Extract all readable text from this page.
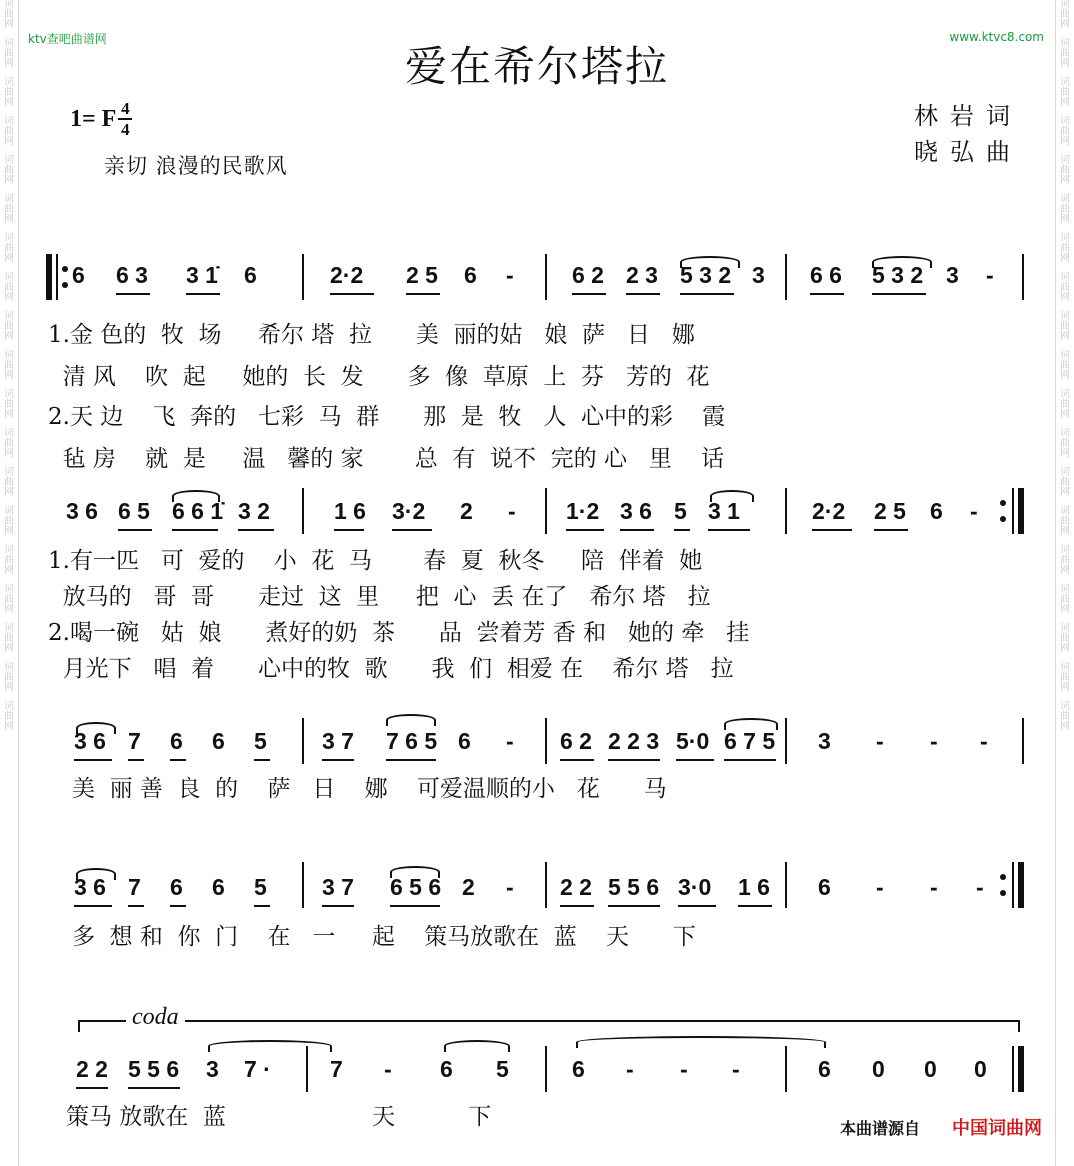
词
曲
网
词
曲
网
词
曲
网
词
曲
网
词
曲
网
词
曲
网
词
曲
网
词
曲
网
词
曲
网
词
曲
网
词
曲
网
词
曲
网
词
曲
网
词
曲
网
词
曲
网
词
曲
网
词
曲
网
词
曲
网
词
曲
网
词
曲
网
词
曲
网
词
曲
网
词
曲
网
词
曲
网
词
曲
网
词
曲
网
词
曲
网
词
曲
网
词
曲
网
词
曲
网
词
曲
网
词
曲
网
词
曲
网
词
曲
网
词
曲
网
词
曲
网
词
曲
网
词
曲
网
ktv查吧曲谱网	www.ktvc8.com
爱在希尔塔拉
1= F $\frac{4}{4}$	林岩词
晓弘曲
亲切 浪漫的民歌风
6 6 3 3 1̇ 6	2·2 2 5 6 -	6 2 2 3 5 3 2 3 6 6 5 3 2 3 -
1.金 色的  牧  场     希尔 塔  拉      美  丽的姑   娘  萨   日   娜
清 风    吹  起     她的  长  发      多  像  草原  上  芬   芳的  花
2.天 边    飞  奔的   七彩  马  群      那  是  牧   人  心中的彩    霞
毡 房    就  是     温   馨的 家       总  有  说不  完的 心   里    话
3 6 6 5 6 6 1̇ 3 2	1 6 3·2 2 - 1·2 3 6 5 3 1	2·2 2 5 6 -
1.有一匹   可  爱的    小  花  马       春  夏  秋冬     陪  伴着  她
放马的   哥  哥      走过  这  里     把  心  丢 在了   希尔 塔   拉
2.喝一碗   姑  娘      煮好的奶  茶      品  尝着芳 香 和   她的 牵   挂
月光下   唱  着      心中的牧  歌      我  们  相爱 在    希尔 塔   拉
3 6 7 6 6 5 3 7 7 6 5 6 - 6 2 2 2 3 5·0 6 7 5 3 - - -
美  丽 善  良  的    萨   日    娜    可爱温顺的小   花      马
3 6 7 6 6 5 3 7 6 5 6 2 - 2 2 5 5 6 3·0 1 6 6 - - -
多  想 和  你  门    在   一     起    策马放歌在  蓝    天      下
coda
2 2 5 5 6 3 7 ·	7 - 6 5	6 - - -	6 0 0 0
策马 放歌在  蓝                    天          下	本曲谱源自 中国词曲网
